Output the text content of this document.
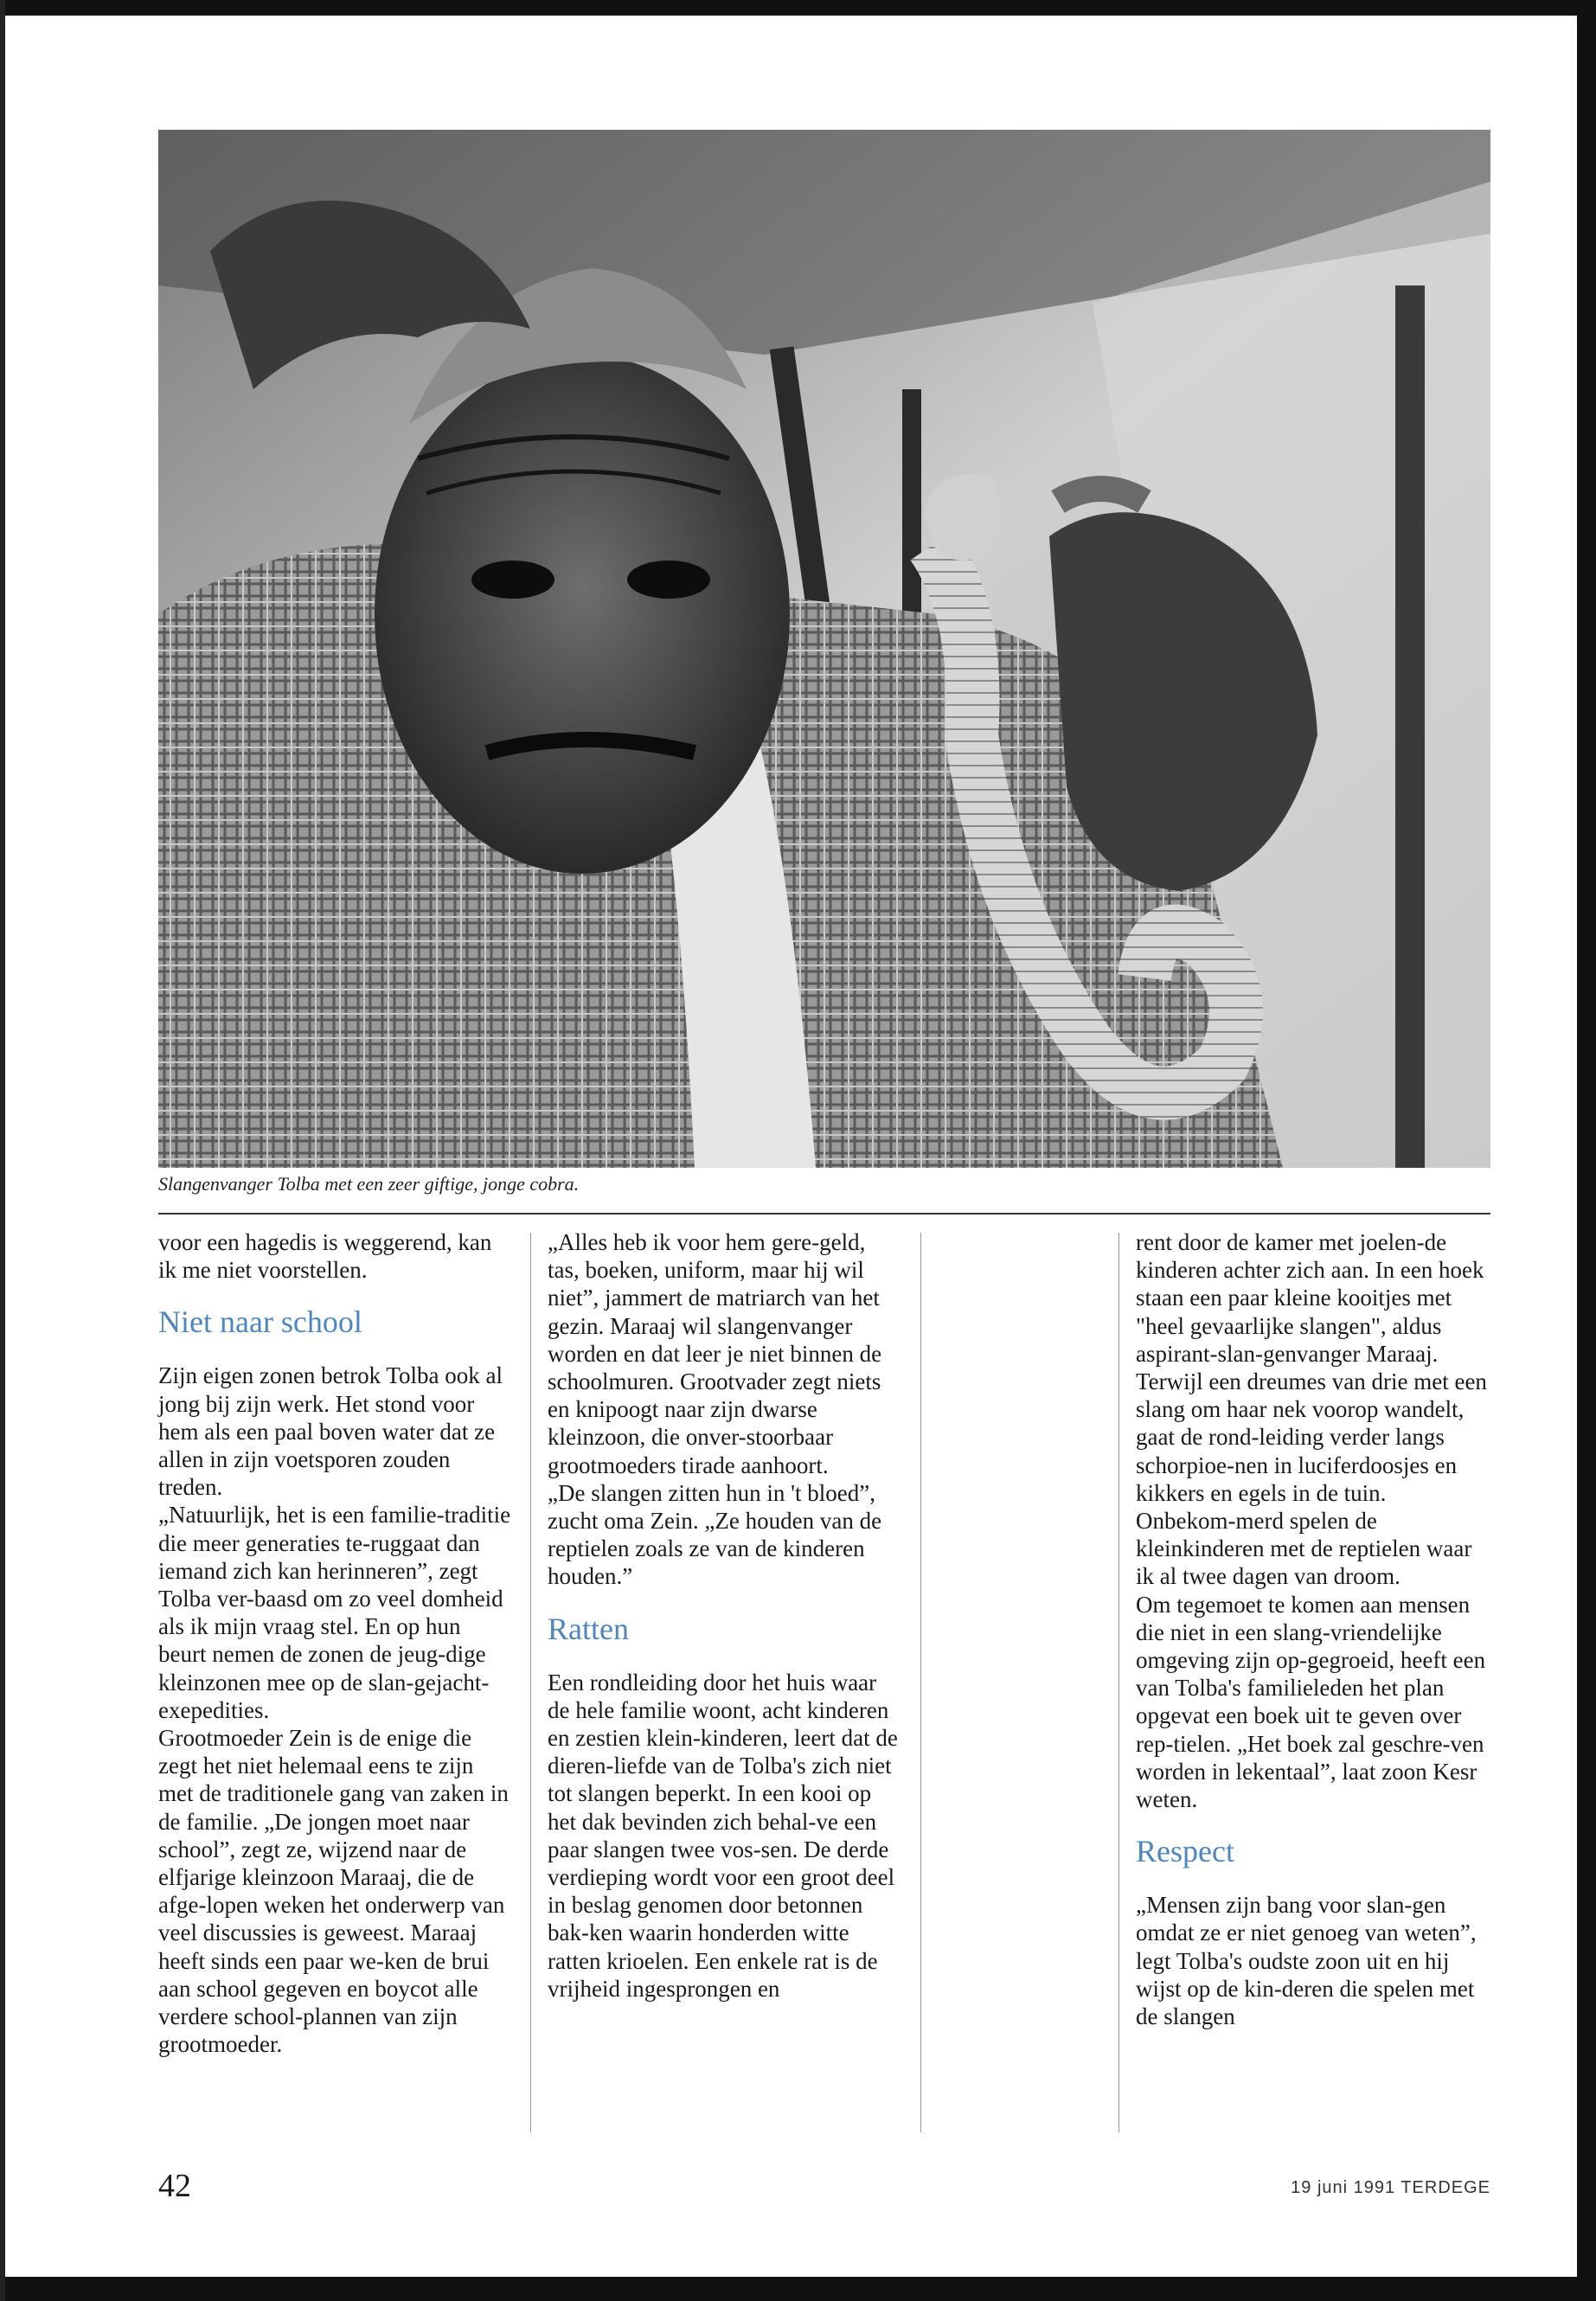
Slangenvanger Tolba met een zeer giftige, jonge cobra.

voor een hagedis is weggerend, kan ik me niet voorstellen.

Niet naar school

Zijn eigen zonen betrok Tolba ook al jong bij zijn werk. Het stond voor hem als een paal boven water dat ze allen in zijn voetsporen zouden treden.

„Natuurlijk, het is een familie-traditie die meer generaties te-ruggaat dan iemand zich kan herinneren”, zegt Tolba ver-baasd om zo veel domheid als ik mijn vraag stel. En op hun beurt nemen de zonen de jeug-dige kleinzonen mee op de slan-gejacht-exepedities.

Grootmoeder Zein is de enige die zegt het niet helemaal eens te zijn met de traditionele gang van zaken in de familie. „De jongen moet naar school”, zegt ze, wijzend naar de elfjarige kleinzoon Maraaj, die de afge-lopen weken het onderwerp van veel discussies is geweest. Maraaj heeft sinds een paar we-ken de brui aan school gegeven en boycot alle verdere school-plannen van zijn grootmoeder.

„Alles heb ik voor hem gere-geld, tas, boeken, uniform, maar hij wil niet”, jammert de matriarch van het gezin. Maraaj wil slangenvanger worden en dat leer je niet binnen de schoolmuren. Grootvader zegt niets en knipoogt naar zijn dwarse kleinzoon, die onver-stoorbaar grootmoeders tirade aanhoort.

„De slangen zitten hun in 't bloed”, zucht oma Zein. „Ze houden van de reptielen zoals ze van de kinderen houden.”

Ratten

Een rondleiding door het huis waar de hele familie woont, acht kinderen en zestien klein-kinderen, leert dat de dieren-liefde van de Tolba's zich niet tot slangen beperkt. In een kooi op het dak bevinden zich behal-ve een paar slangen twee vos-sen. De derde verdieping wordt voor een groot deel in beslag genomen door betonnen bak-ken waarin honderden witte ratten krioelen. Een enkele rat is de vrijheid ingesprongen en

rent door de kamer met joelen-de kinderen achter zich aan. In een hoek staan een paar kleine kooitjes met "heel gevaarlijke slangen", aldus aspirant-slan-genvanger Maraaj.

Terwijl een dreumes van drie met een slang om haar nek voorop wandelt, gaat de rond-leiding verder langs schorpioe-nen in luciferdoosjes en kikkers en egels in de tuin. Onbekom-merd spelen de kleinkinderen met de reptielen waar ik al twee dagen van droom.

Om tegemoet te komen aan mensen die niet in een slang-vriendelijke omgeving zijn op-gegroeid, heeft een van Tolba's familieleden het plan opgevat een boek uit te geven over rep-tielen. „Het boek zal geschre-ven worden in lekentaal”, laat zoon Kesr weten.

Respect

„Mensen zijn bang voor slan-gen omdat ze er niet genoeg van weten”, legt Tolba's oudste zoon uit en hij wijst op de kin-deren die spelen met de slangen

42	19 juni 1991 TERDEGE
